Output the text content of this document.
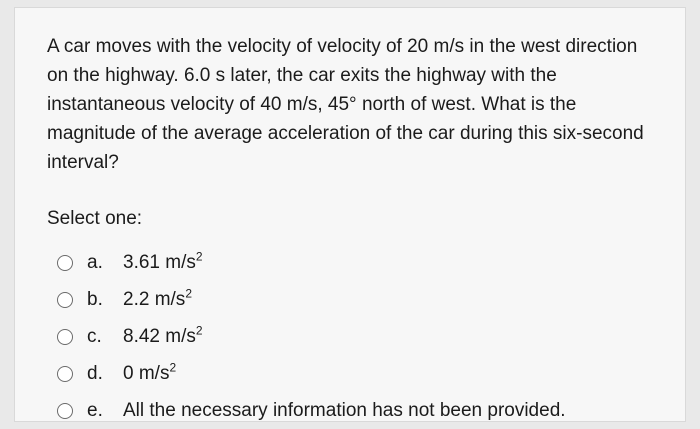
A car moves with the velocity of velocity of 20 m/s in the west direction on the highway. 6.0 s later, the car exits the highway with the instantaneous velocity of 40 m/s, 45° north of west. What is the magnitude of the average acceleration of the car during this six-second interval?

Select one:
a.	3.61
$m/s^2$
b.	2.2
$m/s^2$
c.	8.42
$m/s^2$
d.	0
$m/s^2$
e.	All the necessary information has not been provided.
